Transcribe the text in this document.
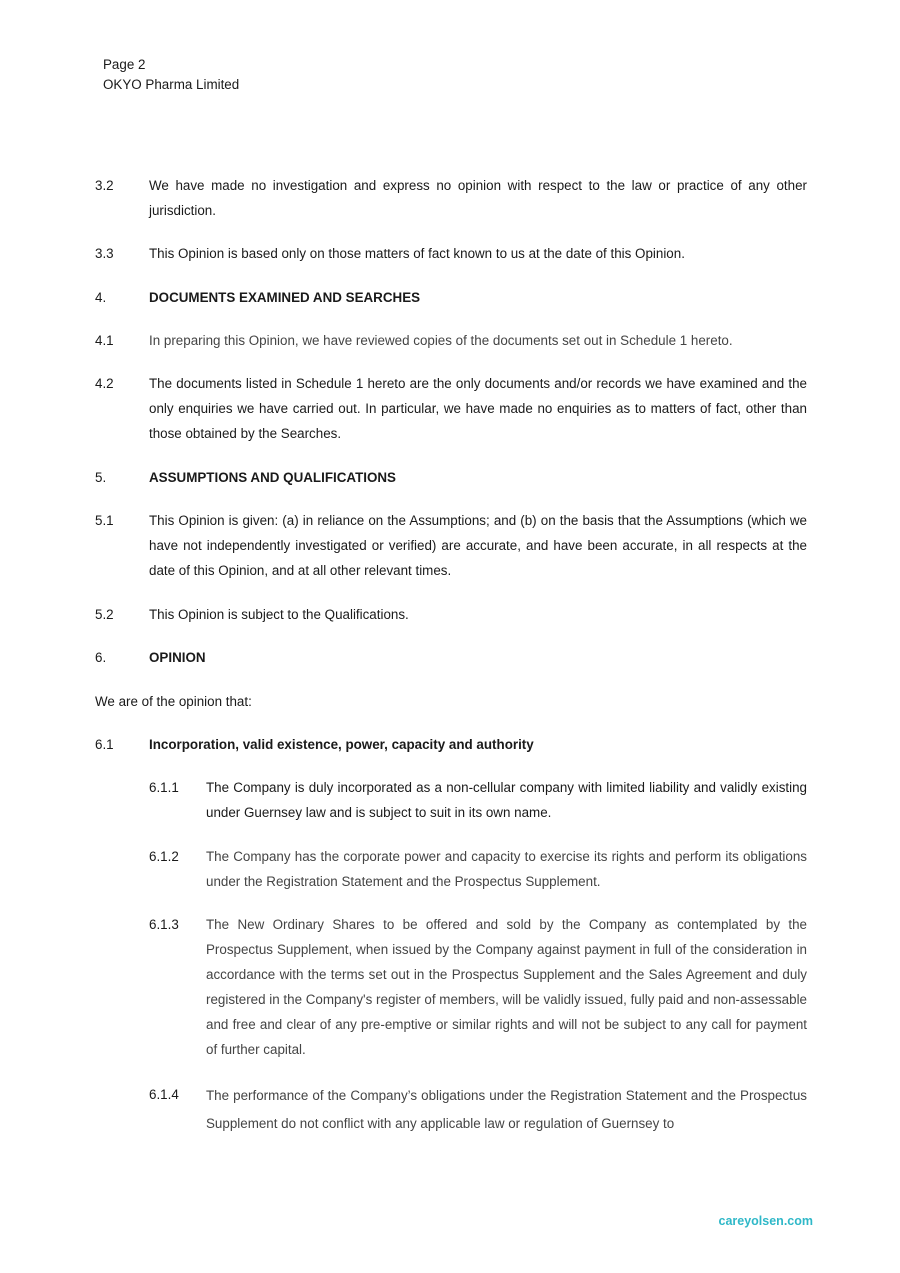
Page 2
OKYO Pharma Limited
3.2	We have made no investigation and express no opinion with respect to the law or practice of any other jurisdiction.
3.3	This Opinion is based only on those matters of fact known to us at the date of this Opinion.
4.	DOCUMENTS EXAMINED AND SEARCHES
4.1	In preparing this Opinion, we have reviewed copies of the documents set out in Schedule 1 hereto.
4.2	The documents listed in Schedule 1 hereto are the only documents and/or records we have examined and the only enquiries we have carried out. In particular, we have made no enquiries as to matters of fact, other than those obtained by the Searches.
5.	ASSUMPTIONS AND QUALIFICATIONS
5.1	This Opinion is given: (a) in reliance on the Assumptions; and (b) on the basis that the Assumptions (which we have not independently investigated or verified) are accurate, and have been accurate, in all respects at the date of this Opinion, and at all other relevant times.
5.2	This Opinion is subject to the Qualifications.
6.	OPINION
We are of the opinion that:
6.1	Incorporation, valid existence, power, capacity and authority
6.1.1	The Company is duly incorporated as a non-cellular company with limited liability and validly existing under Guernsey law and is subject to suit in its own name.
6.1.2	The Company has the corporate power and capacity to exercise its rights and perform its obligations under the Registration Statement and the Prospectus Supplement.
6.1.3	The New Ordinary Shares to be offered and sold by the Company as contemplated by the Prospectus Supplement, when issued by the Company against payment in full of the consideration in accordance with the terms set out in the Prospectus Supplement and the Sales Agreement and duly registered in the Company's register of members, will be validly issued, fully paid and non-assessable and free and clear of any pre-emptive or similar rights and will not be subject to any call for payment of further capital.
6.1.4	The performance of the Company’s obligations under the Registration Statement and the Prospectus Supplement do not conflict with any applicable law or regulation of Guernsey to
careyolsen.com
